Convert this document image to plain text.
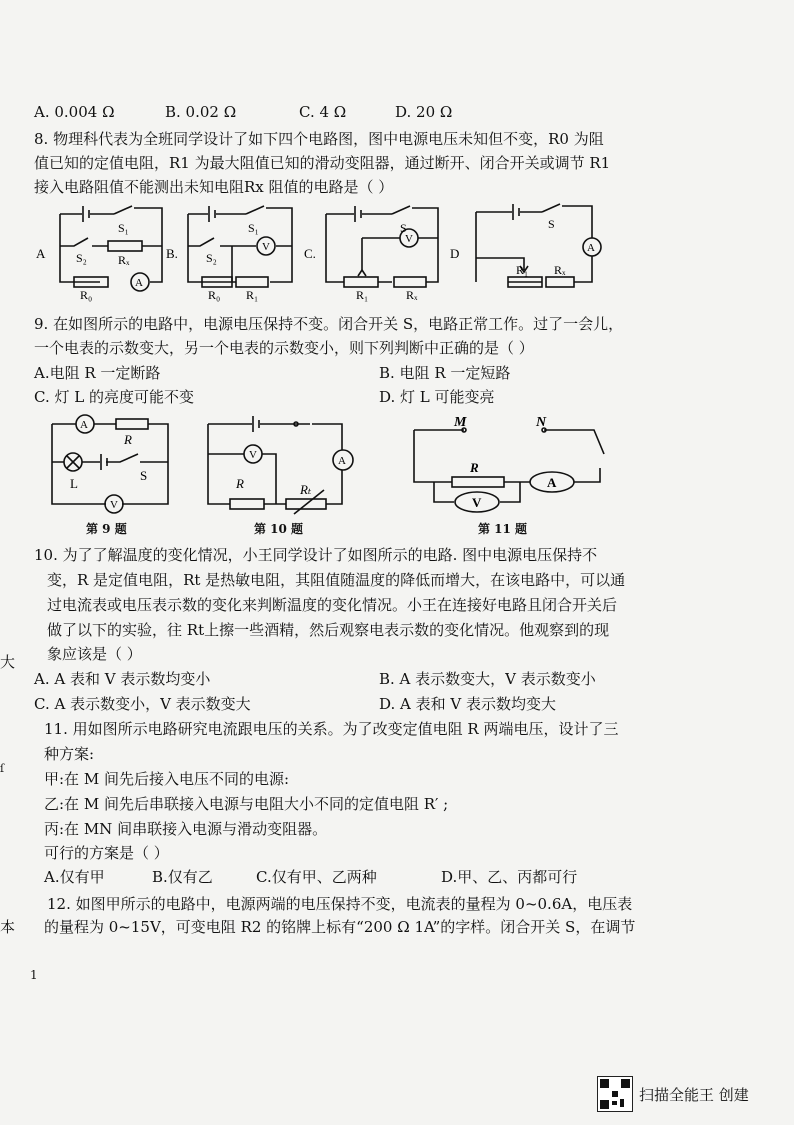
A. 0.004 Ω	B. 0.02 Ω	C. 4 Ω	D. 20 Ω
8. 物理科代表为全班同学设计了如下四个电路图，图中电源电压未知但不变，R0 为阻
值已知的定值电阻，R1 为最大阻值已知的滑动变阻器，通过断开、闭合开关或调节 R1
接入电路阻值不能测出未知电阻Rx 阻值的电路是（ ）
A
S₁
S₂	Rₓ
R₀
A
B.
S₁
S₂
V
R₀ R₁
C.
S
V
R₁	Rₓ
D
S
A
R₁ Rₓ
9. 在如图所示的电路中，电源电压保持不变。闭合开关 S，电路正常工作。过了一会儿，
一个电表的示数变大，另一个电表的示数变小，则下列判断中正确的是（ ）
A.电阻 R 一定断路	B. 电阻 R 一定短路
C. 灯 L 的亮度可能不变	D. 灯 L 可能变亮
A
R
L
S
V
第 9 题
V	A
R	Rₜ
第 10 题
M	N
R
A
V
第 11 题
10. 为了了解温度的变化情况，小王同学设计了如图所示的电路. 图中电源电压保持不
变，R 是定值电阻，Rt 是热敏电阻，其阻值随温度的降低而增大，在该电路中，可以通
过电流表或电压表示数的变化来判断温度的变化情况。小王在连接好电路且闭合开关后
做了以下的实验，往 Rt上擦一些酒精，然后观察电表示数的变化情况。他观察到的现
象应该是（ ）
A. A 表和 V 表示数均变小	B. A 表示数变大，V 表示数变小
C. A 表示数变小，V 表示数变大	D. A 表和 V 表示数均变大
11. 用如图所示电路研究电流跟电压的关系。为了改变定值电阻 R 两端电压，设计了三
种方案:
甲:在 M 间先后接入电压不同的电源:
乙:在 M 间先后串联接入电源与电阻大小不同的定值电阻 R′ ;
丙:在 MN 间串联接入电源与滑动变阻器。
可行的方案是（ ）
A.仅有甲	B.仅有乙	C.仅有甲、乙两种	D.甲、乙、丙都可行
12. 如图甲所示的电路中，电源两端的电压保持不变，电流表的量程为 0~0.6A，电压表
的量程为 0~15V，可变电阻 R2 的铭牌上标有“200 Ω 1A”的字样。闭合开关 S，在调节
大
ſ
本
1
扫描全能王 创建
